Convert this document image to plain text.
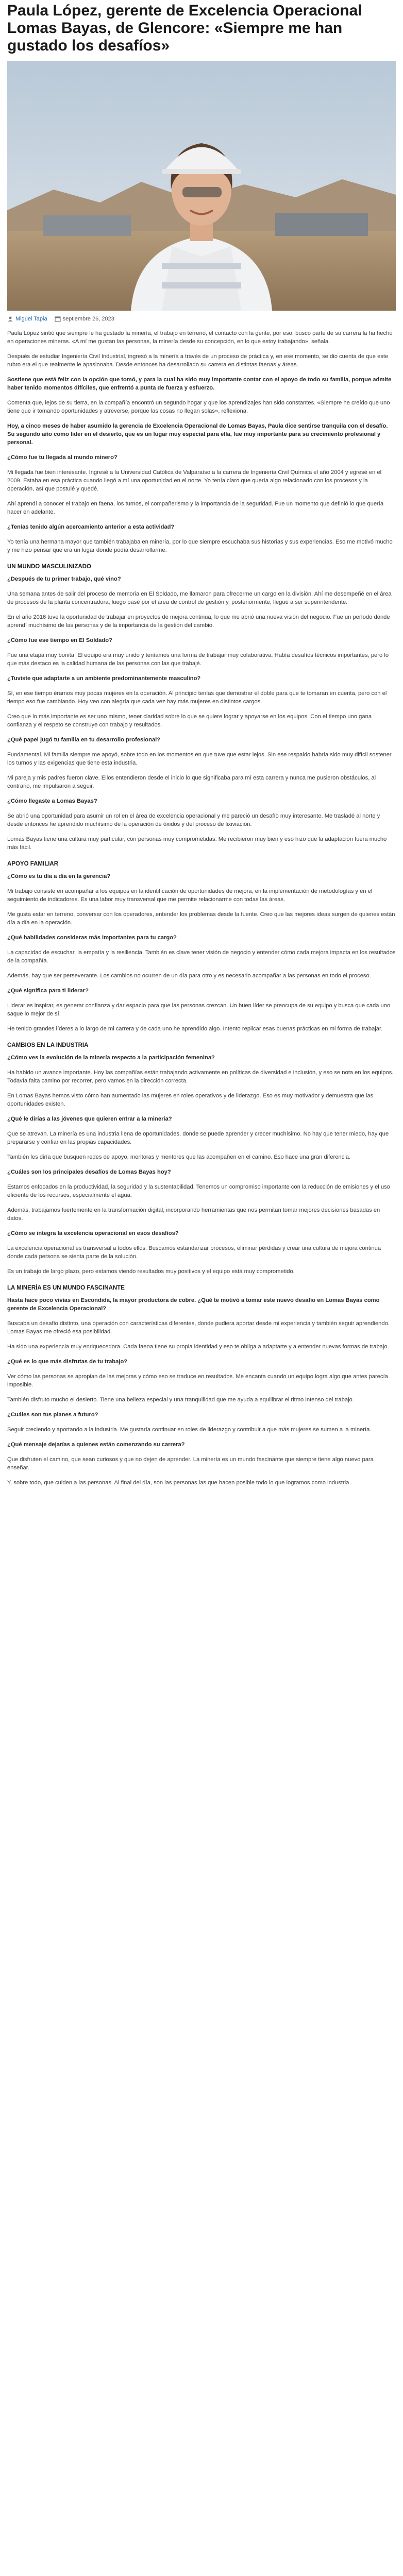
Paula López, gerente de Excelencia Operacional Lomas Bayas, de Glencore: «Siempre me han gustado los desafíos»
Miguel Tapia	septiembre 26, 2023

Paula López sintió que siempre le ha gustado la minería, el trabajo en terreno, el contacto con la gente, por eso, buscó parte de su carrera la ha hecho en operaciones mineras. «A mí me gustan las personas, la minería desde su concepción, en lo que estoy trabajando», señala.

Después de estudiar Ingeniería Civil Industrial, ingresó a la minería a través de un proceso de práctica y, en ese momento, se dio cuenta de que este rubro era el que realmente le apasionaba. Desde entonces ha desarrollado su carrera en distintas faenas y áreas.

Sostiene que está feliz con la opción que tomó, y para la cual ha sido muy importante contar con el apoyo de todo su familia, porque admite haber tenido momentos difíciles, que enfrentó a punta de fuerza y esfuerzo.

Comenta que, lejos de su tierra, en la compañía encontró un segundo hogar y que los aprendizajes han sido constantes. «Siempre he creído que uno tiene que ir tomando oportunidades y atreverse, porque las cosas no llegan solas», reflexiona.

Hoy, a cinco meses de haber asumido la gerencia de Excelencia Operacional de Lomas Bayas, Paula dice sentirse tranquila con el desafío. Su segundo año como líder en el desierto, que es un lugar muy especial para ella, fue muy importante para su crecimiento profesional y personal.

¿Cómo fue tu llegada al mundo minero?

Mi llegada fue bien interesante. Ingresé a la Universidad Católica de Valparaíso a la carrera de Ingeniería Civil Química el año 2004 y egresé en el 2009. Estaba en esa práctica cuando llegó a mí una oportunidad en el norte. Yo tenía claro que quería algo relacionado con los procesos y la operación, así que postulé y quedé.

Ahí aprendí a conocer el trabajo en faena, los turnos, el compañerismo y la importancia de la seguridad. Fue un momento que definió lo que quería hacer en adelante.

¿Tenías tenido algún acercamiento anterior a esta actividad?

Yo tenía una hermana mayor que también trabajaba en minería, por lo que siempre escuchaba sus historias y sus experiencias. Eso me motivó mucho y me hizo pensar que era un lugar donde podía desarrollarme.

UN MUNDO MASCULINIZADO

¿Después de tu primer trabajo, qué vino?

Una semana antes de salir del proceso de memoria en El Soldado, me llamaron para ofrecerme un cargo en la división. Ahí me desempeñé en el área de procesos de la planta concentradora, luego pasé por el área de control de gestión y, posteriormente, llegué a ser superintendente.

En el año 2016 tuve la oportunidad de trabajar en proyectos de mejora continua, lo que me abrió una nueva visión del negocio. Fue un período donde aprendí muchísimo de las personas y de la importancia de la gestión del cambio.

¿Cómo fue ese tiempo en El Soldado?

Fue una etapa muy bonita. El equipo era muy unido y teníamos una forma de trabajar muy colaborativa. Había desafíos técnicos importantes, pero lo que más destaco es la calidad humana de las personas con las que trabajé.

¿Tuviste que adaptarte a un ambiente predominantemente masculino?

Sí, en ese tiempo éramos muy pocas mujeres en la operación. Al principio tenías que demostrar el doble para que te tomaran en cuenta, pero con el tiempo eso fue cambiando. Hoy veo con alegría que cada vez hay más mujeres en distintos cargos.

Creo que lo más importante es ser uno mismo, tener claridad sobre lo que se quiere lograr y apoyarse en los equipos. Con el tiempo uno gana confianza y el respeto se construye con trabajo y resultados.

¿Qué papel jugó tu familia en tu desarrollo profesional?

Fundamental. Mi familia siempre me apoyó, sobre todo en los momentos en que tuve que estar lejos. Sin ese respaldo habría sido muy difícil sostener los turnos y las exigencias que tiene esta industria.

Mi pareja y mis padres fueron clave. Ellos entendieron desde el inicio lo que significaba para mí esta carrera y nunca me pusieron obstáculos, al contrario, me impulsaron a seguir.

¿Cómo llegaste a Lomas Bayas?

Se abrió una oportunidad para asumir un rol en el área de excelencia operacional y me pareció un desafío muy interesante. Me trasladé al norte y desde entonces he aprendido muchísimo de la operación de óxidos y del proceso de lixiviación.

Lomas Bayas tiene una cultura muy particular, con personas muy comprometidas. Me recibieron muy bien y eso hizo que la adaptación fuera mucho más fácil.

APOYO FAMILIAR

¿Cómo es tu día a día en la gerencia?

Mi trabajo consiste en acompañar a los equipos en la identificación de oportunidades de mejora, en la implementación de metodologías y en el seguimiento de indicadores. Es una labor muy transversal que me permite relacionarme con todas las áreas.

Me gusta estar en terreno, conversar con los operadores, entender los problemas desde la fuente. Creo que las mejores ideas surgen de quienes están día a día en la operación.

¿Qué habilidades consideras más importantes para tu cargo?

La capacidad de escuchar, la empatía y la resiliencia. También es clave tener visión de negocio y entender cómo cada mejora impacta en los resultados de la compañía.

Además, hay que ser perseverante. Los cambios no ocurren de un día para otro y es necesario acompañar a las personas en todo el proceso.

¿Qué significa para ti liderar?

Liderar es inspirar, es generar confianza y dar espacio para que las personas crezcan. Un buen líder se preocupa de su equipo y busca que cada uno saque lo mejor de sí.

He tenido grandes líderes a lo largo de mi carrera y de cada uno he aprendido algo. Intento replicar esas buenas prácticas en mi forma de trabajar.

CAMBIOS EN LA INDUSTRIA

¿Cómo ves la evolución de la minería respecto a la participación femenina?

Ha habido un avance importante. Hoy las compañías están trabajando activamente en políticas de diversidad e inclusión, y eso se nota en los equipos. Todavía falta camino por recorrer, pero vamos en la dirección correcta.

En Lomas Bayas hemos visto cómo han aumentado las mujeres en roles operativos y de liderazgo. Eso es muy motivador y demuestra que las oportunidades existen.

¿Qué le dirías a las jóvenes que quieren entrar a la minería?

Que se atrevan. La minería es una industria llena de oportunidades, donde se puede aprender y crecer muchísimo. No hay que tener miedo, hay que prepararse y confiar en las propias capacidades.

También les diría que busquen redes de apoyo, mentoras y mentores que las acompañen en el camino. Eso hace una gran diferencia.

¿Cuáles son los principales desafíos de Lomas Bayas hoy?

Estamos enfocados en la productividad, la seguridad y la sustentabilidad. Tenemos un compromiso importante con la reducción de emisiones y el uso eficiente de los recursos, especialmente el agua.

Además, trabajamos fuertemente en la transformación digital, incorporando herramientas que nos permitan tomar mejores decisiones basadas en datos.

¿Cómo se integra la excelencia operacional en esos desafíos?

La excelencia operacional es transversal a todos ellos. Buscamos estandarizar procesos, eliminar pérdidas y crear una cultura de mejora continua donde cada persona se sienta parte de la solución.

Es un trabajo de largo plazo, pero estamos viendo resultados muy positivos y el equipo está muy comprometido.

LA MINERÍA ES UN MUNDO FASCINANTE

Hasta hace poco vivías en Escondida, la mayor productora de cobre. ¿Qué te motivó a tomar este nuevo desafío en Lomas Bayas como gerente de Excelencia Operacional?

Buscaba un desafío distinto, una operación con características diferentes, donde pudiera aportar desde mi experiencia y también seguir aprendiendo. Lomas Bayas me ofreció esa posibilidad.

Ha sido una experiencia muy enriquecedora. Cada faena tiene su propia identidad y eso te obliga a adaptarte y a entender nuevas formas de trabajo.

¿Qué es lo que más disfrutas de tu trabajo?

Ver cómo las personas se apropian de las mejoras y cómo eso se traduce en resultados. Me encanta cuando un equipo logra algo que antes parecía imposible.

También disfruto mucho el desierto. Tiene una belleza especial y una tranquilidad que me ayuda a equilibrar el ritmo intenso del trabajo.

¿Cuáles son tus planes a futuro?

Seguir creciendo y aportando a la industria. Me gustaría continuar en roles de liderazgo y contribuir a que más mujeres se sumen a la minería.

¿Qué mensaje dejarías a quienes están comenzando su carrera?

Que disfruten el camino, que sean curiosos y que no dejen de aprender. La minería es un mundo fascinante que siempre tiene algo nuevo para enseñar.

Y, sobre todo, que cuiden a las personas. Al final del día, son las personas las que hacen posible todo lo que logramos como industria.
